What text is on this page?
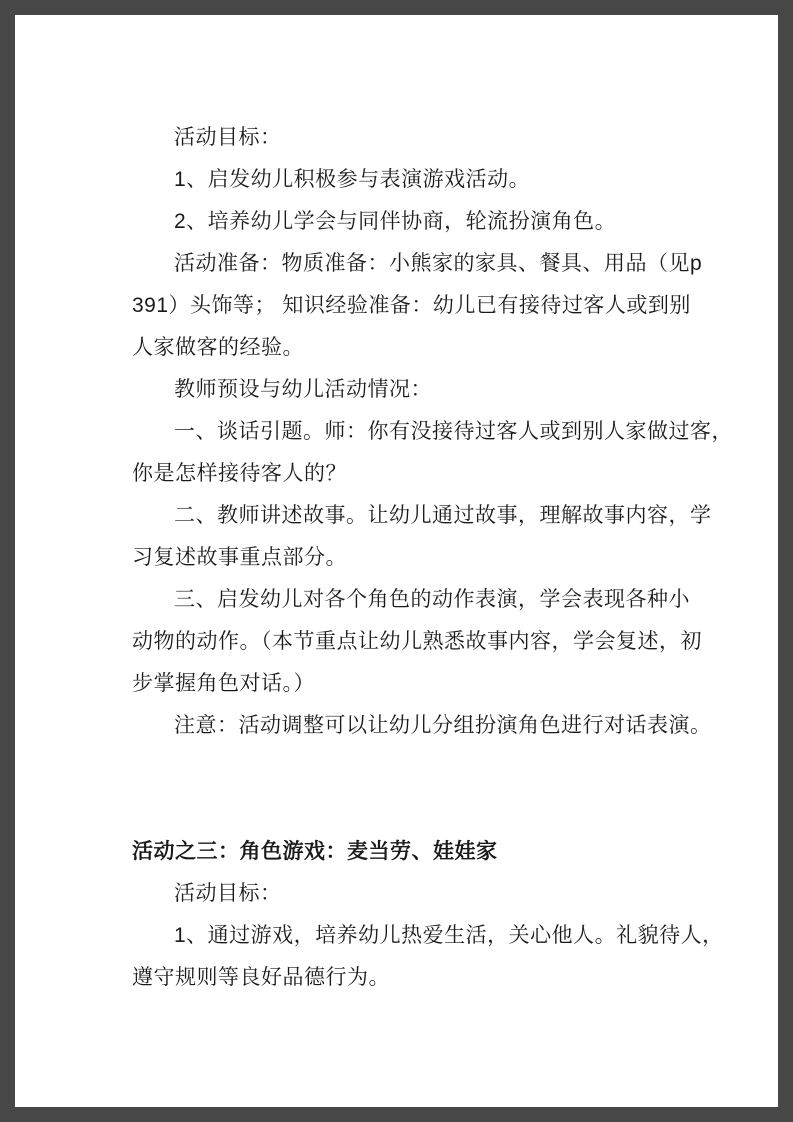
活动目标：
1、启发幼儿积极参与表演游戏活动。
2、培养幼儿学会与同伴协商，轮流扮演角色。
活动准备：物质准备：小熊家的家具、餐具、用品（见p
391）头饰等； 知识经验准备：幼儿已有接待过客人或到别
人家做客的经验。
教师预设与幼儿活动情况：
一、谈话引题。师：你有没接待过客人或到别人家做过客，
你是怎样接待客人的？
二、教师讲述故事。让幼儿通过故事，理解故事内容，学
习复述故事重点部分。
三、启发幼儿对各个角色的动作表演，学会表现各种小
动物的动作。（本节重点让幼儿熟悉故事内容，学会复述，初
步掌握角色对话。）
注意：活动调整可以让幼儿分组扮演角色进行对话表演。
活动之三：角色游戏：麦当劳、娃娃家
活动目标：
1、通过游戏，培养幼儿热爱生活，关心他人。礼貌待人，
遵守规则等良好品德行为。
